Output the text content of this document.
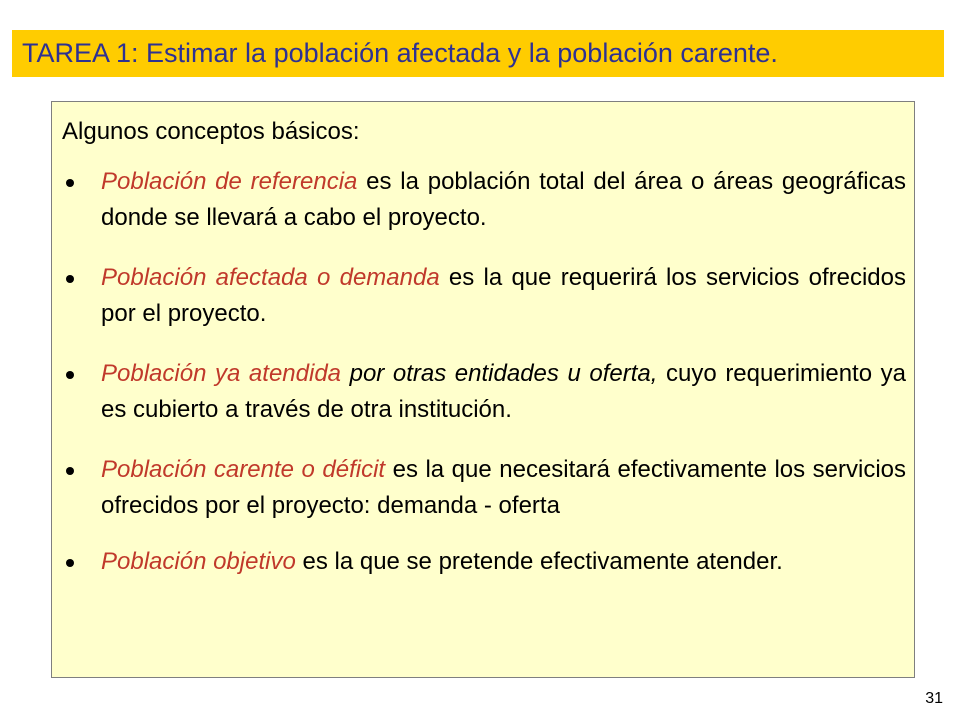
TAREA 1: Estimar la población afectada y la población carente.
Algunos conceptos básicos:
Población de referencia es la población total del área o áreas geográficas donde se llevará a cabo el proyecto.
Población afectada o demanda es la que requerirá los servicios ofrecidos por el proyecto.
Población ya atendida por otras entidades u oferta, cuyo requerimiento ya es cubierto a través de otra institución.
Población carente o déficit es la que necesitará efectivamente los servicios ofrecidos por el proyecto: demanda - oferta
Población objetivo es la que se pretende efectivamente atender.
31
